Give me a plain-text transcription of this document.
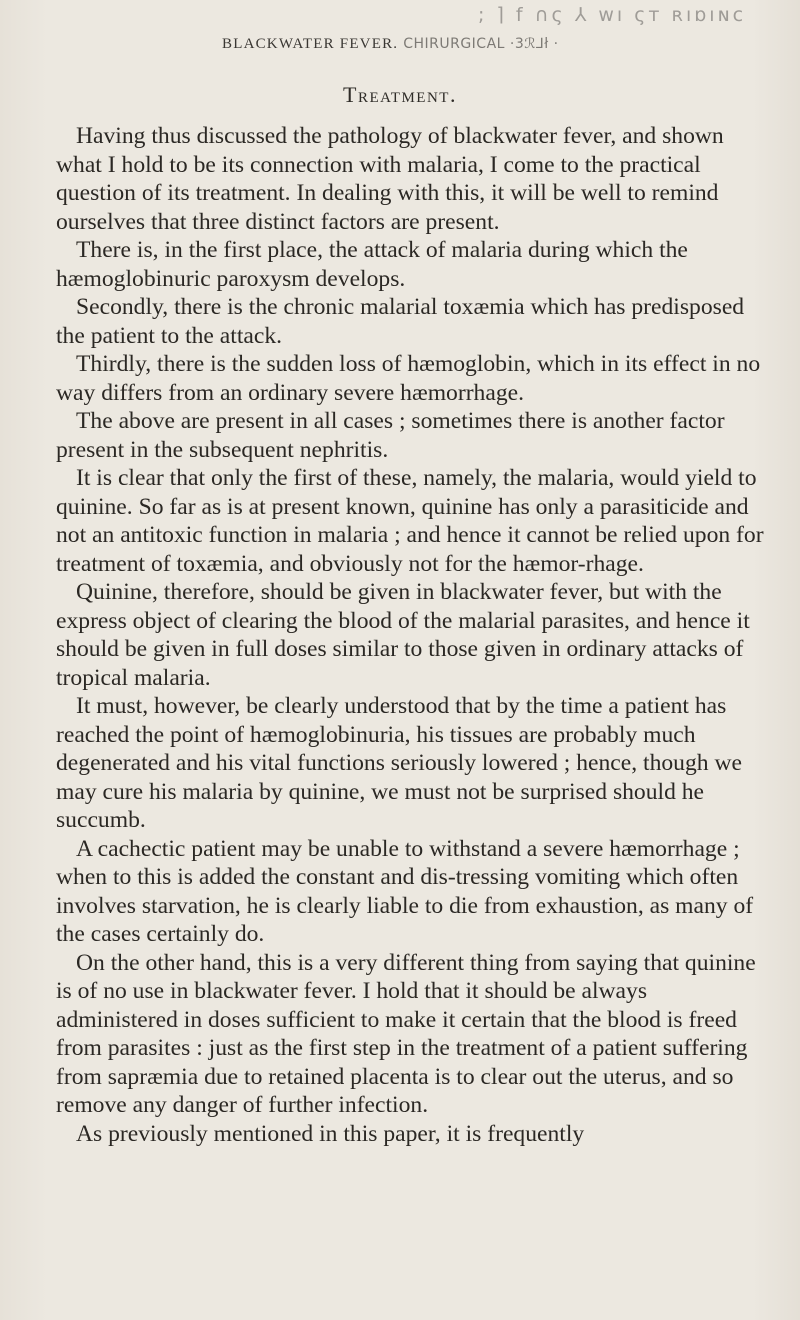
; ⌉ f ∩ς ⅄ ᴡı ςᴛ ʀıɒıɴc
BLACKWATER FEVER. CHIRURGICAL ·3ℛ⅃ł ·
Treatment.

Having thus discussed the pathology of blackwater fever, and shown what I hold to be its connection with malaria, I come to the practical question of its treatment. In dealing with this, it will be well to remind ourselves that three distinct factors are present.

There is, in the first place, the attack of malaria during which the hæmoglobinuric paroxysm develops.

Secondly, there is the chronic malarial toxæmia which has predisposed the patient to the attack.

Thirdly, there is the sudden loss of hæmoglobin, which in its effect in no way differs from an ordinary severe hæmorrhage.

The above are present in all cases ; sometimes there is another factor present in the subsequent nephritis.

It is clear that only the first of these, namely, the malaria, would yield to quinine. So far as is at present known, quinine has only a parasiticide and not an antitoxic function in malaria ; and hence it cannot be relied upon for treatment of toxæmia, and obviously not for the hæmor-rhage.

Quinine, therefore, should be given in blackwater fever, but with the express object of clearing the blood of the malarial parasites, and hence it should be given in full doses similar to those given in ordinary attacks of tropical malaria.

It must, however, be clearly understood that by the time a patient has reached the point of hæmoglobinuria, his tissues are probably much degenerated and his vital functions seriously lowered ; hence, though we may cure his malaria by quinine, we must not be surprised should he succumb.

A cachectic patient may be unable to withstand a severe hæmorrhage ; when to this is added the constant and dis-tressing vomiting which often involves starvation, he is clearly liable to die from exhaustion, as many of the cases certainly do.

On the other hand, this is a very different thing from saying that quinine is of no use in blackwater fever. I hold that it should be always administered in doses sufficient to make it certain that the blood is freed from parasites : just as the first step in the treatment of a patient suffering from sapræmia due to retained placenta is to clear out the uterus, and so remove any danger of further infection.

As previously mentioned in this paper, it is frequently
